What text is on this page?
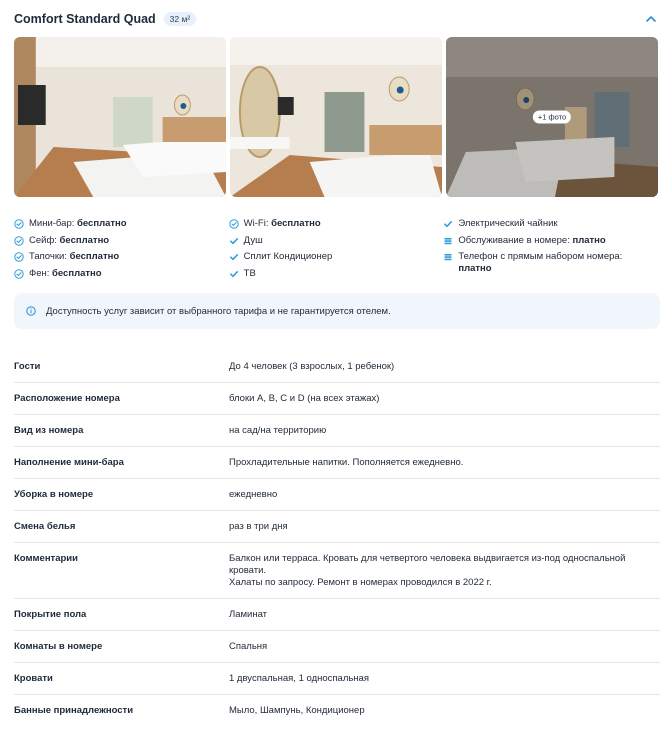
Comfort Standard Quad	32 м²
+1 фото
Мини-бар: бесплатно
Сейф: бесплатно
Тапочки: бесплатно
Фен: бесплатно
Wi-Fi: бесплатно
Душ
Сплит Кондиционер
ТВ
Электрический чайник
Обслуживание в номере: платно
Телефон с прямым набором номера: платно
Доступность услуг зависит от выбранного тарифа и не гарантируется отелем.
Гости	До 4 человек (3 взрослых, 1 ребенок)
Расположение номера	блоки A, B, C и D (на всех этажах)
Вид из номера	на сад/на территорию
Наполнение мини-бара	Прохладительные напитки. Пополняется ежедневно.
Уборка в номере	ежедневно
Смена белья	раз в три дня
Комментарии	Балкон или терраса. Кровать для четвертого человека выдвигается из-под односпальной кровати.
Халаты по запросу. Ремонт в номерах проводился в 2022 г.
Покрытие пола	Ламинат
Комнаты в номере	Спальня
Кровати	1 двуспальная, 1 односпальная
Банные принадлежности	Мыло, Шампунь, Кондиционер
